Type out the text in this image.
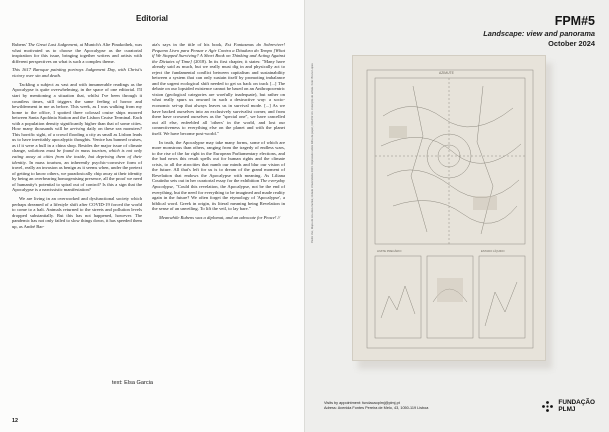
Editorial

Rubens' The Great Last Judgement, at Munich's Alte Pinakothek, was what motivated us to choose the Apocalypse as the curatorial inspiration for this issue, bringing together writers and artists with different perspectives on what is such a complex theme.

This 1617 Baroque painting portrays Judgement Day, with Christ's victory over sin and death.

Tackling a subject as vast and with innumerable readings as the Apocalypse is quite overwhelming, in the space of one editorial. I'll start by mentioning a situation that, whilst I've been through it countless times, still triggers the same feeling of horror and bewilderment in me as before. This week, as I was walking from my home to the office, I spotted three colossal cruise ships moored between Santa Apolónia Station and the Lisbon Cruise Terminal. Each with a population density significantly higher than that of some cities. How many thousands will be arriving daily on these sea monsters? This horrific sight, of a crowd flooding a city as small as Lisbon leads us to have inevitably apocalyptic thoughts. Venice has banned cruises, as if it were a bull in a china shop. Besides the major issue of climate change, solutions must be found to mass tourism, which is not only eating away at cities from the inside, but depriving them of their identity. In mass tourism, an inherently psychic-corrosive form of travel, really an invasion as benign as it seems when, under the pretext of getting to know others, we paradoxically chip away at their identity by being an overbearing homogenising presence, all the proof we need of humanity's potential to spiral out of control? Is this a sign that the Apocalypse is a narcissistic manifestation?

We are living in an overworked and dysfunctional society which perhaps dreamed of a lifestyle shift after COVID-19 forced the world to come to a halt. Animals returned to the streets and pollution levels dropped substantially. But this has not happened, however. The pandemic has not only failed to slow things down, it has speeded them up, as André Bar-

ata's says in the title of his book, Est Fantasmas do Sobreviver! Pequeno Livro para Pensar e Agir Contra a Ditadura do Tempo [What if We Stopped Surviving? A Short Book on Thinking and Acting Against the Dictates of Time] (2018). In its first chapter, it states: "Many have already said as much, but we really must dig in and physically act to reject the fundamental conflict between capitalism and sustainability between a system that can only sustain itself by promoting imbalance and the urgent ecological shift needed to get us back on track [...] The debate on our lopsided existence cannot be based on an Anthropocentric vision (geological categories are woefully inadequate), but rather on what really spurs us onward in such a destructive way: a socio-economic set-up that always leaves us in survival mode. [...] As we have backed ourselves into an exclusively survivalist corner, and from there have crowned ourselves as the "special one", we have cancelled out all else, enfeebled all 'others' in the world, and lost our connectiveness to everything else on the planet and with the planet itself. We have become post-world."

In truth, the Apocalypse may take many forms, some of which are more monstrous than others, ranging from the tragedy of endless wars, to the rise of the far right in the European Parliamentary elections, and the bad news this result spells out for human rights and the climate crisis, to all the atrocities that numb our minds and blur our vision of the future. All that's left for us is to dream of the grand moment of Revelation that endows the Apocalypse with meaning. As Liliana Coutinho sets out in her curatorial essay for the exhibition The everyday Apocalypse, "Could this revelation, the Apocalypse, not be the end of everything, but the need for everything to be imagined and made reality again in the future? We often forget the etymology of 'Apocalypse', a biblical word. Greek in origin, its literal meaning being Revelation in the sense of an unveiling. To lift the veil, to lay bare."

Meanwhile Rubens was a diplomat, and an advocate for Peace! //

text: Elsa Garcia
12
FPM#5
Landscape: view and panorama
October 2024
Pedro Vaz, Mapa do céu-documental, Cidade Universitária 2024. Impressão sobre folha de papel, 110x152 cm. Colecção do artista. Foto: Bruno Lopes	AZIMUTE
LIMITE PRECÁRIO	ESTADO LÍQUIDO
Visits by appointment: fundacaoplmj@plmj.pt
Adress: Avenida Fontes Pereira de Melo, 43, 1050-119 Lisboa
FUNDAÇÃO
PLMJ
